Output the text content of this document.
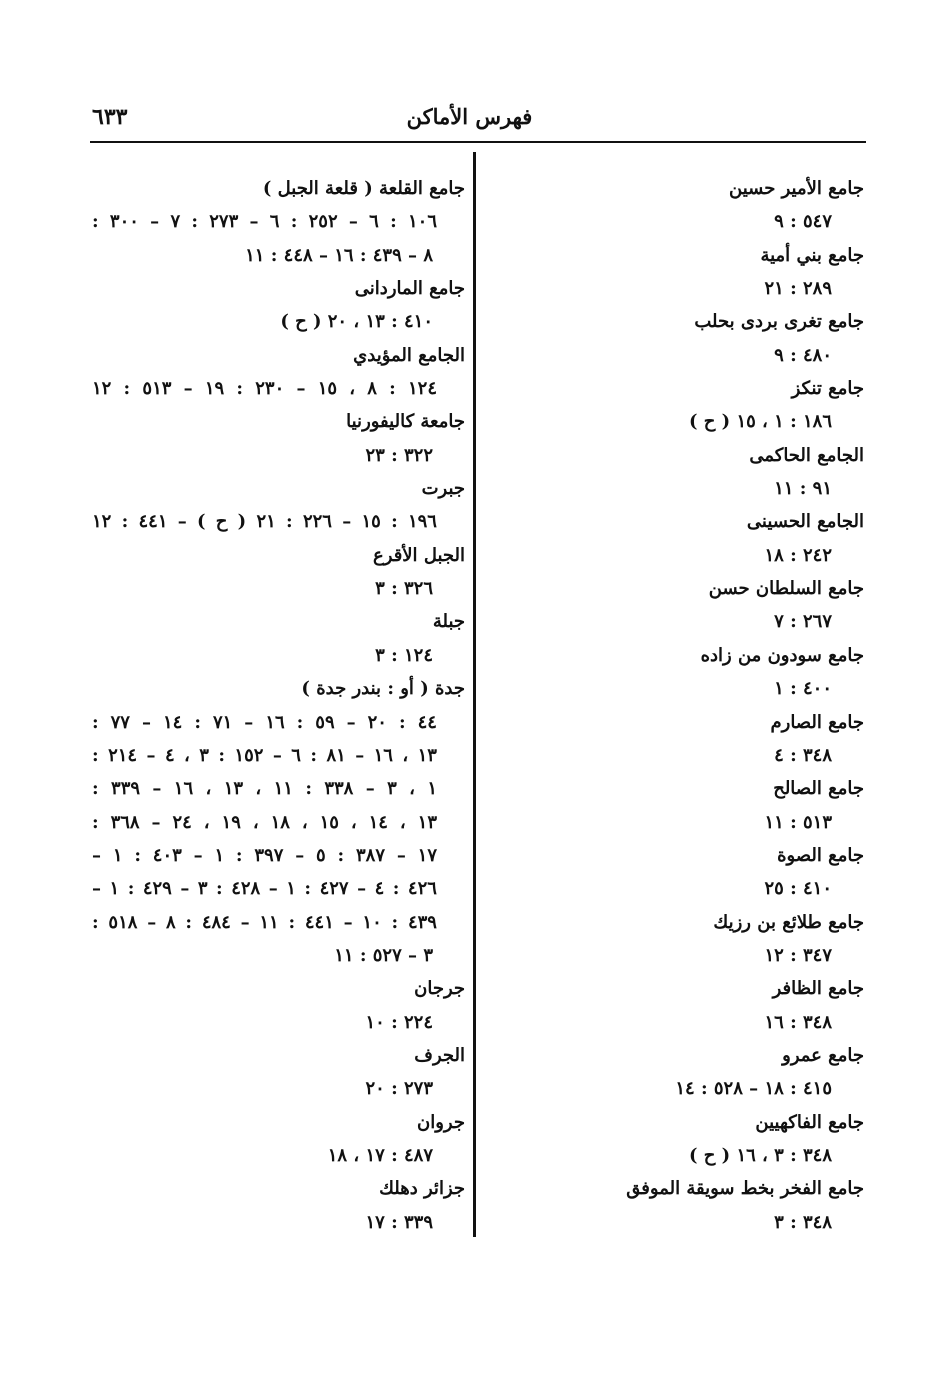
٦٣٣	فهرس الأماكن
جامع الأمير حسين
٥٤٧ : ٩
جامع بني أمية
٢٨٩ : ٢١
جامع تغرى بردى بحلب
٤٨٠ : ٩
جامع تنكز
١٨٦ : ١ ، ١٥ ( ح )
الجامع الحاكمى
٩١ : ١١
الجامع الحسينى
٢٤٢ : ١٨
جامع السلطان حسن
٢٦٧ : ٧
جامع سودون من زاده
٤٠٠ : ١
جامع الصارم
٣٤٨ : ٤
جامع الصالح
٥١٣ : ١١
جامع الصوة
٤١٠ : ٢٥
جامع طلائع بن رزيك
٣٤٧ : ١٢
جامع الظافر
٣٤٨ : ١٦
جامع عمرو
٤١٥ : ١٨ – ٥٢٨ : ١٤
جامع الفاكهيين
٣٤٨ : ٣ ، ١٦ ( ح )
جامع الفخر بخط سويقة الموفق
٣٤٨ : ٣
جامع القلعة ( قلعة الجبل )
١٠٦ : ٦ – ٢٥٢ : ٦ – ٢٧٣ : ٧ – ٣٠٠ :
٨ – ٤٣٩ : ١٦ – ٤٤٨ : ١١
جامع الماردانى
٤١٠ : ١٣ ، ٢٠ ( ح )
الجامع المؤيدي
١٢٤ : ٨ ، ١٥ – ٢٣٠ : ١٩ – ٥١٣ : ١٢
جامعة كاليفورنيا
٣٢٢ : ٢٣
جبرت
١٩٦ : ١٥ – ٢٢٦ : ٢١ ( ح ) – ٤٤١ : ١٢
الجبل الأقرع
٣٢٦ : ٣
جبلة
١٢٤ : ٣
جدة ( أو : بندر جدة )
٤٤ : ٢٠ – ٥٩ : ١٦ – ٧١ : ١٤ – ٧٧ :
١٣ ، ١٦ – ٨١ : ٦ – ١٥٢ : ٣ ، ٤ – ٢١٤ :
١ ، ٣ – ٣٣٨ : ١١ ، ١٣ ، ١٦ – ٣٣٩ :
١٣ ، ١٤ ، ١٥ ، ١٨ ، ١٩ ، ٢٤ – ٣٦٨ :
١٧ – ٣٨٧ : ٥ – ٣٩٧ : ١ – ٤٠٣ : ١ –
٤٢٦ : ٤ – ٤٢٧ : ١ – ٤٢٨ : ٣ – ٤٢٩ : ١ –
٤٣٩ : ١٠ – ٤٤١ : ١١ – ٤٨٤ : ٨ – ٥١٨ :
٣ – ٥٢٧ : ١١
جرجان
٢٢٤ : ١٠
الجرف
٢٧٣ : ٢٠
جروان
٤٨٧ : ١٧ ، ١٨
جزائر دهلك
٣٣٩ : ١٧
